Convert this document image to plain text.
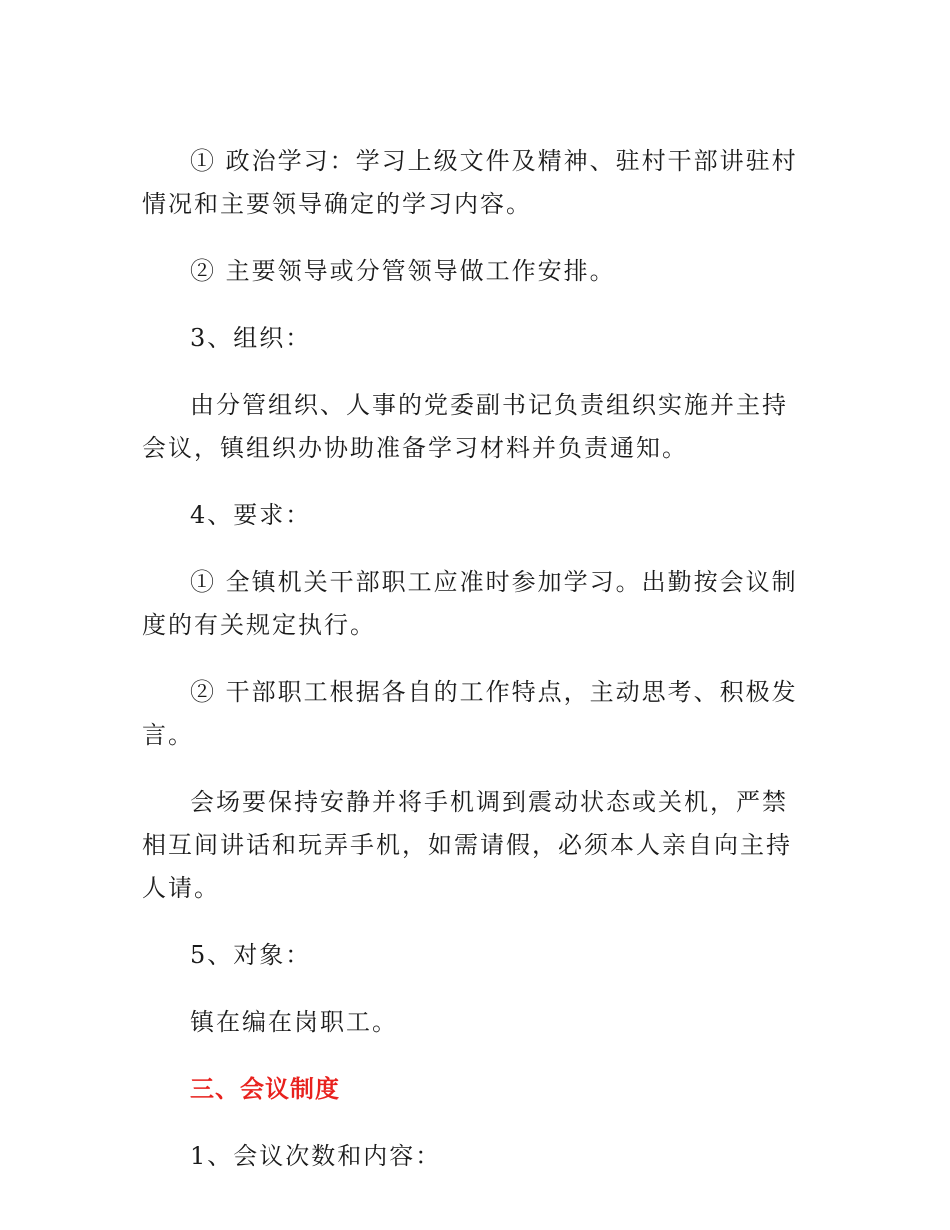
① 政治学习：学习上级文件及精神、驻村干部讲驻村情况和主要领导确定的学习内容。

② 主要领导或分管领导做工作安排。

3、组织：

由分管组织、人事的党委副书记负责组织实施并主持会议，镇组织办协助准备学习材料并负责通知。

4、要求：

① 全镇机关干部职工应准时参加学习。出勤按会议制度的有关规定执行。

② 干部职工根据各自的工作特点，主动思考、积极发言。

会场要保持安静并将手机调到震动状态或关机，严禁相互间讲话和玩弄手机，如需请假，必须本人亲自向主持人请。

5、对象：

镇在编在岗职工。

三、会议制度

1、会议次数和内容：
